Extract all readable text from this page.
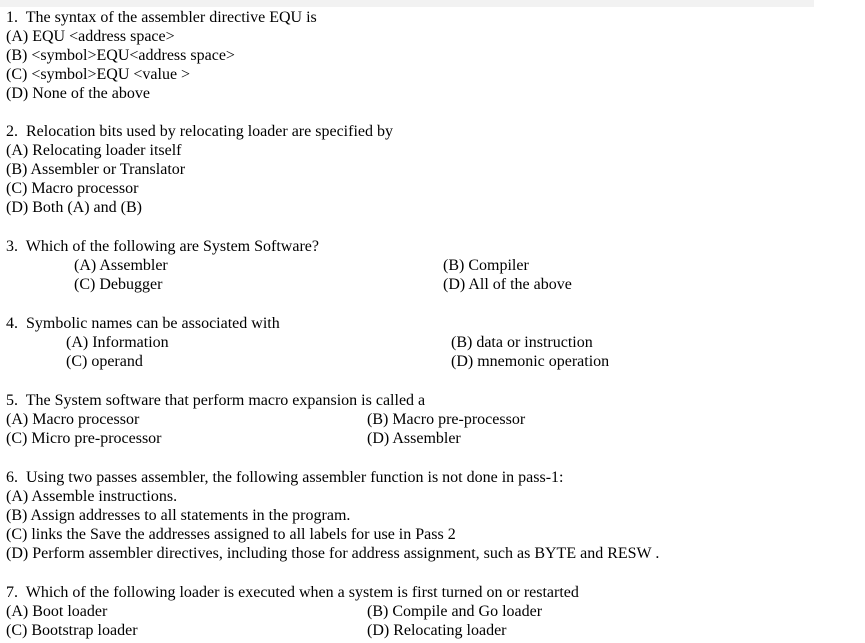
1. The syntax of the assembler directive EQU is
(A) EQU <address space>
(B) <symbol>EQU<address space>
(C) <symbol>EQU <value >
(D) None of the above
2. Relocation bits used by relocating loader are specified by
(A) Relocating loader itself
(B) Assembler or Translator
(C) Macro processor
(D) Both (A) and (B)
3. Which of the following are System Software?
(A) Assembler	(B) Compiler
(C) Debugger	(D) All of the above
4. Symbolic names can be associated with
(A) Information	(B) data or instruction
(C) operand	(D) mnemonic operation
5. The System software that perform macro expansion is called a
(A) Macro processor	(B) Macro pre-processor
(C) Micro pre-processor	(D) Assembler
6. Using two passes assembler, the following assembler function is not done in pass-1:
(A) Assemble instructions.
(B) Assign addresses to all statements in the program.
(C) links the Save the addresses assigned to all labels for use in Pass 2
(D) Perform assembler directives, including those for address assignment, such as BYTE and RESW .
7. Which of the following loader is executed when a system is first turned on or restarted
(A) Boot loader	(B) Compile and Go loader
(C) Bootstrap loader	(D) Relocating loader
